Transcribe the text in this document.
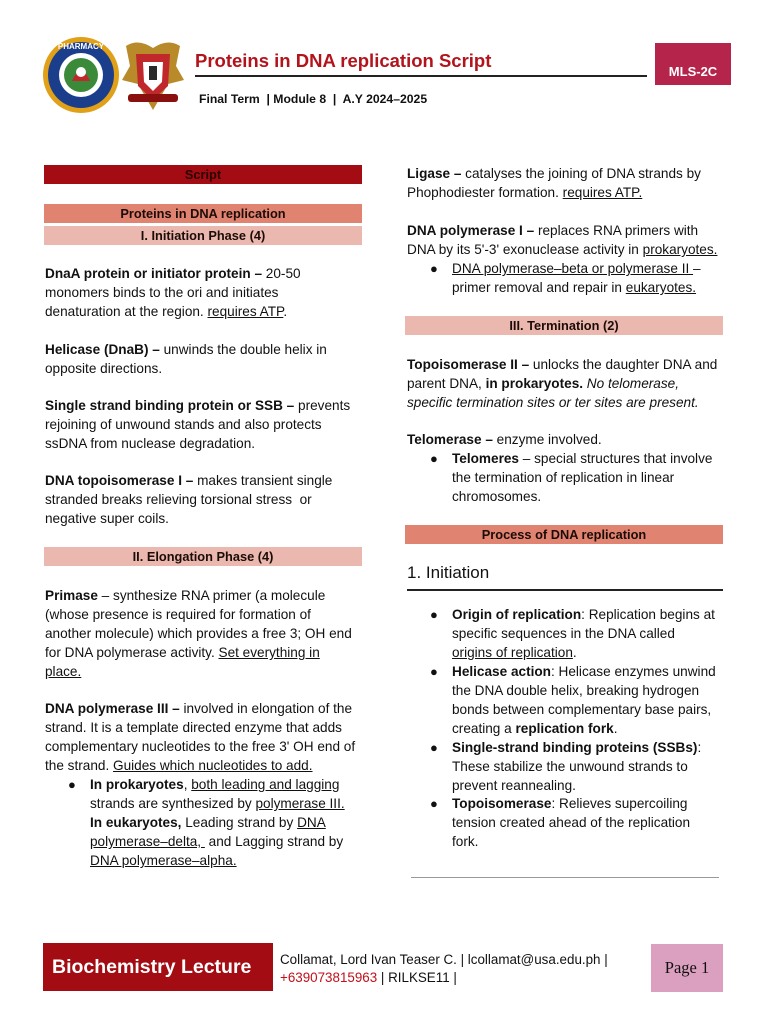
PHARMACY
Proteins in DNA replication Script
Final Term  | Module 8  |  A.Y 2024–2025
MLS-2C
Script
Proteins in DNA replication
I. Initiation Phase (4)
DnaA protein or initiator protein – 20-50
monomers binds to the ori and initiates
denaturation at the region. requires ATP.
Helicase (DnaB) – unwinds the double helix in
opposite directions.
Single strand binding protein or SSB – prevents
rejoining of unwound stands and also protects
ssDNA from nuclease degradation.
DNA topoisomerase I – makes transient single
stranded breaks relieving torsional stress  or
negative super coils.
II. Elongation Phase (4)
Primase – synthesize RNA primer (a molecule
(whose presence is required for formation of
another molecule) which provides a free 3; OH end
for DNA polymerase activity. Set everything in
place.
DNA polymerase III – involved in elongation of the
strand. It is a template directed enzyme that adds
complementary nucleotides to the free 3' OH end of
the strand. Guides which nucleotides to add.
● In prokaryotes, both leading and lagging
strands are synthesized by polymerase III.
In eukaryotes, Leading strand by DNA
polymerase–delta,  and Lagging strand by
DNA polymerase–alpha.
Ligase – catalyses the joining of DNA strands by
Phophodiester formation. requires ATP.
DNA polymerase I – replaces RNA primers with
DNA by its 5'-3' exonuclease activity in prokaryotes.
● DNA polymerase–beta or polymerase II –
primer removal and repair in eukaryotes.
III. Termination (2)
Topoisomerase II – unlocks the daughter DNA and
parent DNA, in prokaryotes. No telomerase,
specific termination sites or ter sites are present.
Telomerase – enzyme involved.
● Telomeres – special structures that involve
the termination of replication in linear
chromosomes.
Process of DNA replication
1. Initiation
● Origin of replication: Replication begins at
specific sequences in the DNA called
origins of replication.
● Helicase action: Helicase enzymes unwind
the DNA double helix, breaking hydrogen
bonds between complementary base pairs,
creating a replication fork.
● Single-strand binding proteins (SSBs):
These stabilize the unwound strands to
prevent reannealing.
● Topoisomerase: Relieves supercoiling
tension created ahead of the replication
fork.
Biochemistry Lecture	Collamat, Lord Ivan Teaser C. | lcollamat@usa.edu.ph |
+639073815963 | RILKSE11 |
Page 1
